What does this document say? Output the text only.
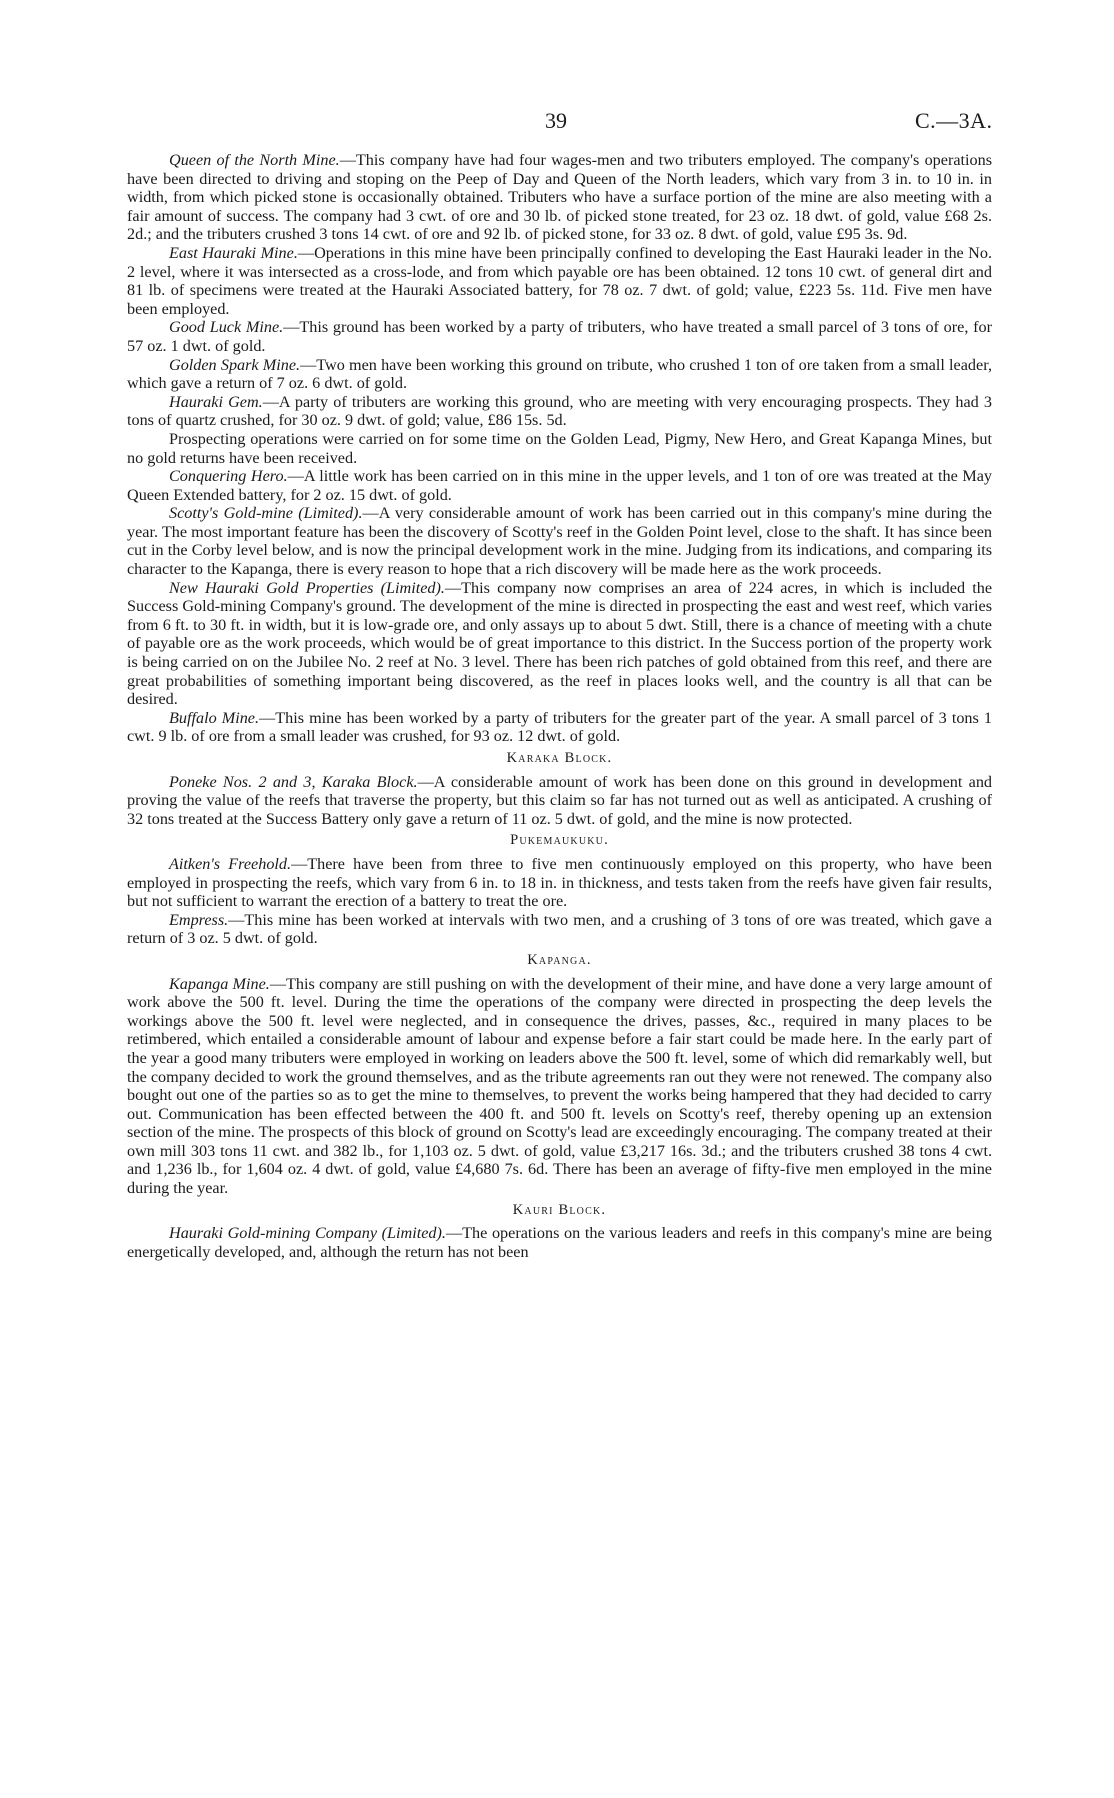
39	C.—3A.

Queen of the North Mine.—This company have had four wages-men and two tributers employed. The company's operations have been directed to driving and stoping on the Peep of Day and Queen of the North leaders, which vary from 3 in. to 10 in. in width, from which picked stone is occasionally obtained. Tributers who have a surface portion of the mine are also meeting with a fair amount of success. The company had 3 cwt. of ore and 30 lb. of picked stone treated, for 23 oz. 18 dwt. of gold, value £68 2s. 2d.; and the tributers crushed 3 tons 14 cwt. of ore and 92 lb. of picked stone, for 33 oz. 8 dwt. of gold, value £95 3s. 9d.

East Hauraki Mine.—Operations in this mine have been principally confined to developing the East Hauraki leader in the No. 2 level, where it was intersected as a cross-lode, and from which payable ore has been obtained. 12 tons 10 cwt. of general dirt and 81 lb. of specimens were treated at the Hauraki Associated battery, for 78 oz. 7 dwt. of gold; value, £223 5s. 11d. Five men have been employed.

Good Luck Mine.—This ground has been worked by a party of tributers, who have treated a small parcel of 3 tons of ore, for 57 oz. 1 dwt. of gold.

Golden Spark Mine.—Two men have been working this ground on tribute, who crushed 1 ton of ore taken from a small leader, which gave a return of 7 oz. 6 dwt. of gold.

Hauraki Gem.—A party of tributers are working this ground, who are meeting with very encouraging prospects. They had 3 tons of quartz crushed, for 30 oz. 9 dwt. of gold; value, £86 15s. 5d.

Prospecting operations were carried on for some time on the Golden Lead, Pigmy, New Hero, and Great Kapanga Mines, but no gold returns have been received.

Conquering Hero.—A little work has been carried on in this mine in the upper levels, and 1 ton of ore was treated at the May Queen Extended battery, for 2 oz. 15 dwt. of gold.

Scotty's Gold-mine (Limited).—A very considerable amount of work has been carried out in this company's mine during the year. The most important feature has been the discovery of Scotty's reef in the Golden Point level, close to the shaft. It has since been cut in the Corby level below, and is now the principal development work in the mine. Judging from its indications, and comparing its character to the Kapanga, there is every reason to hope that a rich discovery will be made here as the work proceeds.

New Hauraki Gold Properties (Limited).—This company now comprises an area of 224 acres, in which is included the Success Gold-mining Company's ground. The development of the mine is directed in prospecting the east and west reef, which varies from 6 ft. to 30 ft. in width, but it is low-grade ore, and only assays up to about 5 dwt. Still, there is a chance of meeting with a chute of payable ore as the work proceeds, which would be of great importance to this district. In the Success portion of the property work is being carried on on the Jubilee No. 2 reef at No. 3 level. There has been rich patches of gold obtained from this reef, and there are great probabilities of something important being discovered, as the reef in places looks well, and the country is all that can be desired.

Buffalo Mine.—This mine has been worked by a party of tributers for the greater part of the year. A small parcel of 3 tons 1 cwt. 9 lb. of ore from a small leader was crushed, for 93 oz. 12 dwt. of gold.

Karaka Block.

Poneke Nos. 2 and 3, Karaka Block.—A considerable amount of work has been done on this ground in development and proving the value of the reefs that traverse the property, but this claim so far has not turned out as well as anticipated. A crushing of 32 tons treated at the Success Battery only gave a return of 11 oz. 5 dwt. of gold, and the mine is now protected.

Pukemaukuku.

Aitken's Freehold.—There have been from three to five men continuously employed on this property, who have been employed in prospecting the reefs, which vary from 6 in. to 18 in. in thickness, and tests taken from the reefs have given fair results, but not sufficient to warrant the erection of a battery to treat the ore.

Empress.—This mine has been worked at intervals with two men, and a crushing of 3 tons of ore was treated, which gave a return of 3 oz. 5 dwt. of gold.

Kapanga.

Kapanga Mine.—This company are still pushing on with the development of their mine, and have done a very large amount of work above the 500 ft. level. During the time the operations of the company were directed in prospecting the deep levels the workings above the 500 ft. level were neglected, and in consequence the drives, passes, &c., required in many places to be retimbered, which entailed a considerable amount of labour and expense before a fair start could be made here. In the early part of the year a good many tributers were employed in working on leaders above the 500 ft. level, some of which did remarkably well, but the company decided to work the ground themselves, and as the tribute agreements ran out they were not renewed. The company also bought out one of the parties so as to get the mine to themselves, to prevent the works being hampered that they had decided to carry out. Communication has been effected between the 400 ft. and 500 ft. levels on Scotty's reef, thereby opening up an extension section of the mine. The prospects of this block of ground on Scotty's lead are exceedingly encouraging. The company treated at their own mill 303 tons 11 cwt. and 382 lb., for 1,103 oz. 5 dwt. of gold, value £3,217 16s. 3d.; and the tributers crushed 38 tons 4 cwt. and 1,236 lb., for 1,604 oz. 4 dwt. of gold, value £4,680 7s. 6d. There has been an average of fifty-five men employed in the mine during the year.

Kauri Block.

Hauraki Gold-mining Company (Limited).—The operations on the various leaders and reefs in this company's mine are being energetically developed, and, although the return has not been
